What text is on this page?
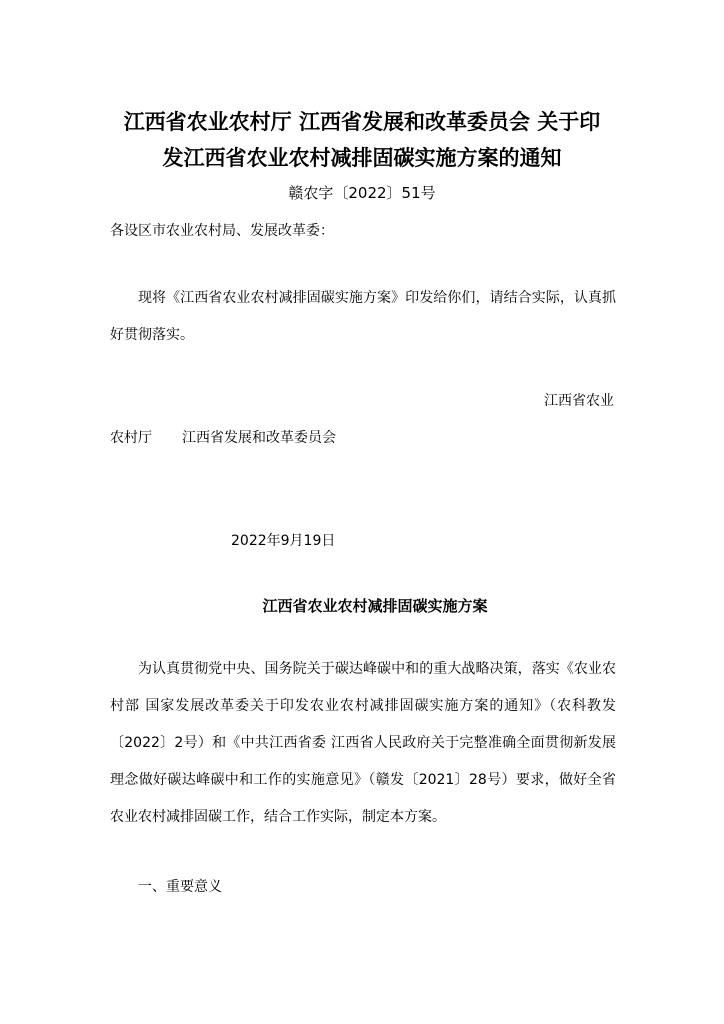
江西省农业农村厅 江西省发展和改革委员会 关于印
发江西省农业农村减排固碳实施方案的通知
赣农字〔2022〕51号
各设区市农业农村局、发展改革委：
现将《江西省农业农村减排固碳实施方案》印发给你们，请结合实际，认真抓好贯彻落实。
江西省农业
农村厅 江西省发展和改革委员会
2022年9月19日
江西省农业农村减排固碳实施方案
为认真贯彻党中央、国务院关于碳达峰碳中和的重大战略决策，落实《农业农村部 国家发展改革委关于印发农业农村减排固碳实施方案的通知》（农科教发〔2022〕2号）和《中共江西省委 江西省人民政府关于完整准确全面贯彻新发展理念做好碳达峰碳中和工作的实施意见》（赣发〔2021〕28号）要求，做好全省农业农村减排固碳工作，结合工作实际，制定本方案。
一、重要意义
